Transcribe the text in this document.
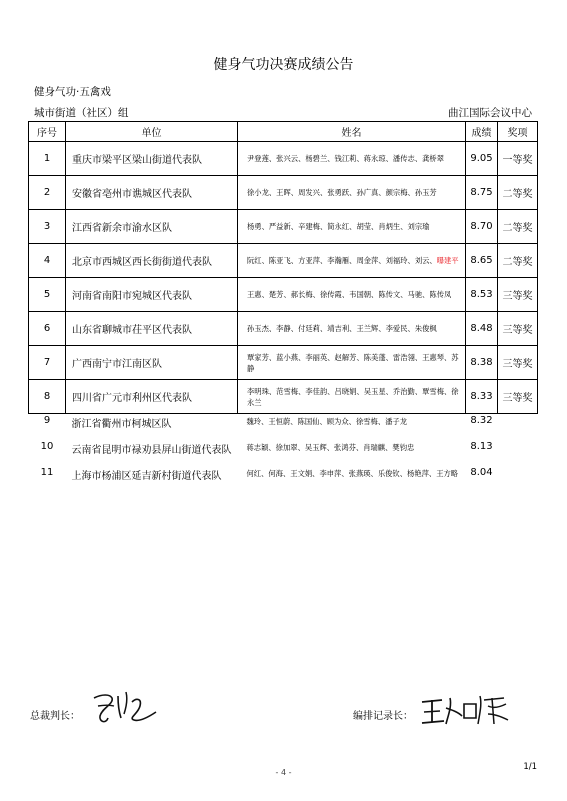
健身气功决赛成绩公告
健身气功·五禽戏
城市街道（社区）组	曲江国际会议中心
序号	单位	姓名	成绩	奖项
1	重庆市梁平区梁山街道代表队	尹登莲、张兴云、杨碧兰、钱江莉、蒋永琼、潘传志、龚桥翠	9.05	一等奖
2	安徽省亳州市谯城区代表队	徐小龙、王晖、周发兴、张勇跃、孙广真、颜宗梅、孙玉芳	8.75	二等奖
3	江西省新余市渝水区队	杨勇、严益新、辛建梅、简永红、胡莹、肖炳生、刘宗瑜	8.70	二等奖
4	北京市西城区西长街街道代表队	阮红、陈亚飞、方亚萍、李瀚雁、周金萍、刘福玲、刘云、曝建平	8.65	二等奖
5	河南省南阳市宛城区代表队	王惠、楚芳、郝长梅、徐传霞、韦国朝、陈传文、马驰、陈传凤	8.53	三等奖
6	山东省聊城市茌平区代表队	孙玉杰、李静、付廷莉、靖吉利、王兰辉、李爱民、朱俊枫	8.48	三等奖
7	广西南宁市江南区队	覃家芳、蓝小燕、李丽英、赵解芳、陈美蓬、雷浩翎、王惠琴、苏静	8.38	三等奖
8	四川省广元市利州区代表队	李明珠、范雪梅、李佳韵、吕晓娟、吴玉星、乔治勤、覃雪梅、徐永兰	8.33	三等奖
9	浙江省衢州市柯城区队	魏玲、王恒蔚、陈国仙、顾为众、徐雪梅、潘子龙	8.32	
10	云南省昆明市禄劝县屏山街道代表队	蒋志颖、徐加翠、吴玉辉、张鸿芬、肖瑞麒、樊钧忠	8.13	
11	上海市杨浦区延吉新村街道代表队	何红、何海、王文娟、李申萍、张燕瑛、乐俊钦、杨艳萍、王方略	8.04	
总裁判长：	编排记录长：
- 4 -
1/1
